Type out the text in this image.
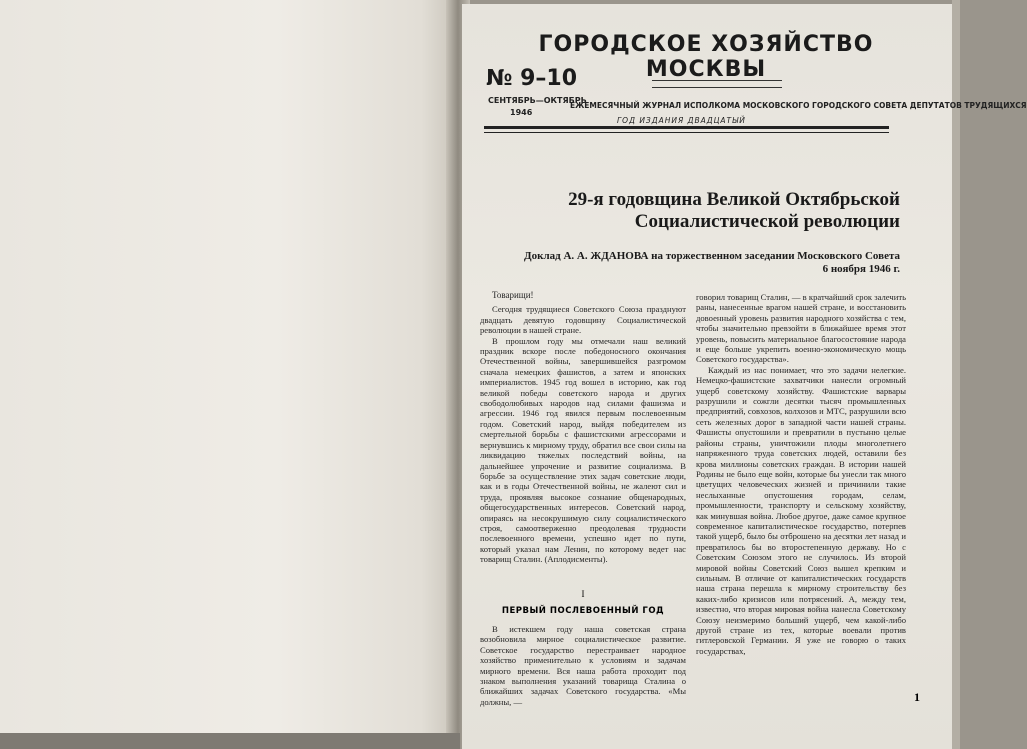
ГОРОДСКОЕ ХОЗЯЙСТВО МОСКВЫ
№ 9–10
СЕНТЯБРЬ—ОКТЯБРЬ
1946
ЕЖЕМЕСЯЧНЫЙ ЖУРНАЛ ИСПОЛКОМА МОСКОВСКОГО ГОРОДСКОГО СОВЕТА ДЕПУТАТОВ ТРУДЯЩИХСЯ
ГОД ИЗДАНИЯ ДВАДЦАТЫЙ
29-я годовщина Великой Октябрьской
Социалистической революции
Доклад А. А. ЖДАНОВА на торжественном заседании Московского Совета
6 ноября 1946 г.
Товарищи!

Сегодня трудящиеся Советского Союза празднуют двадцать девятую годовщину Социалистической революции в нашей стране.

В прошлом году мы отмечали наш великий праздник вскоре после победоносного окончания Отечественной войны, завершившейся разгромом сначала немецких фашистов, а затем и японских империалистов. 1945 год вошел в историю, как год великой победы советского народа и других свободолюбивых народов над силами фашизма и агрессии. 1946 год явился первым послевоенным годом. Советский народ, выйдя победителем из смертельной борьбы с фашистскими агрессорами и вернувшись к мирному труду, обратил все свои силы на ликвидацию тяжелых последствий войны, на дальнейшее упрочение и развитие социализма. В борьбе за осуществление этих задач советские люди, как и в годы Отечественной войны, не жалеют сил и труда, проявляя высокое сознание общенародных, общегосударственных интересов. Советский народ, опираясь на несокрушимую силу социалистического строя, самоотверженно преодолевая трудности послевоенного времени, успешно идет по пути, который указал нам Ленин, по которому ведет нас товарищ Сталин. (Аплодисменты).

I
ПЕРВЫЙ ПОСЛЕВОЕННЫЙ ГОД

В истекшем году наша советская страна возобновила мирное социалистическое развитие. Советское государство перестраивает народное хозяйство применительно к условиям и задачам мирного времени. Вся наша работа проходит под знаком выполнения указаний товарища Сталина о ближайших задачах Советского государства. «Мы должны, —

говорил товарищ Сталин, — в кратчайший срок залечить раны, нанесенные врагом нашей стране, и восстановить довоенный уровень развития народного хозяйства с тем, чтобы значительно превзойти в ближайшее время этот уровень, повысить материальное благосостояние народа и еще больше укрепить военно-экономическую мощь Советского государства».

Каждый из нас понимает, что это задачи нелегкие. Немецко-фашистские захватчики нанесли огромный ущерб советскому хозяйству. Фашистские варвары разрушили и сожгли десятки тысяч промышленных предприятий, совхозов, колхозов и МТС, разрушили всю сеть железных дорог в западной части нашей страны. Фашисты опустошили и превратили в пустыню целые районы страны, уничтожили плоды многолетнего напряженного труда советских людей, оставили без крова миллионы советских граждан. В истории нашей Родины не было еще войн, которые бы унесли так много цветущих человеческих жизней и причинили такие неслыханные опустошения городам, селам, промышленности, транспорту и сельскому хозяйству, как минувшая война. Любое другое, даже самое крупное современное капиталистическое государство, потерпев такой ущерб, было бы отброшено на десятки лет назад и превратилось бы во второстепенную державу. Но с Советским Союзом этого не случилось. Из второй мировой войны Советский Союз вышел крепким и сильным. В отличие от капиталистических государств наша страна перешла к мирному строительству без каких-либо кризисов или потрясений. А, между тем, известно, что вторая мировая война нанесла Советскому Союзу неизмеримо больший ущерб, чем какой-либо другой стране из тех, которые воевали против гитлеровской Германии. Я уже не говорю о таких государствах,

1
